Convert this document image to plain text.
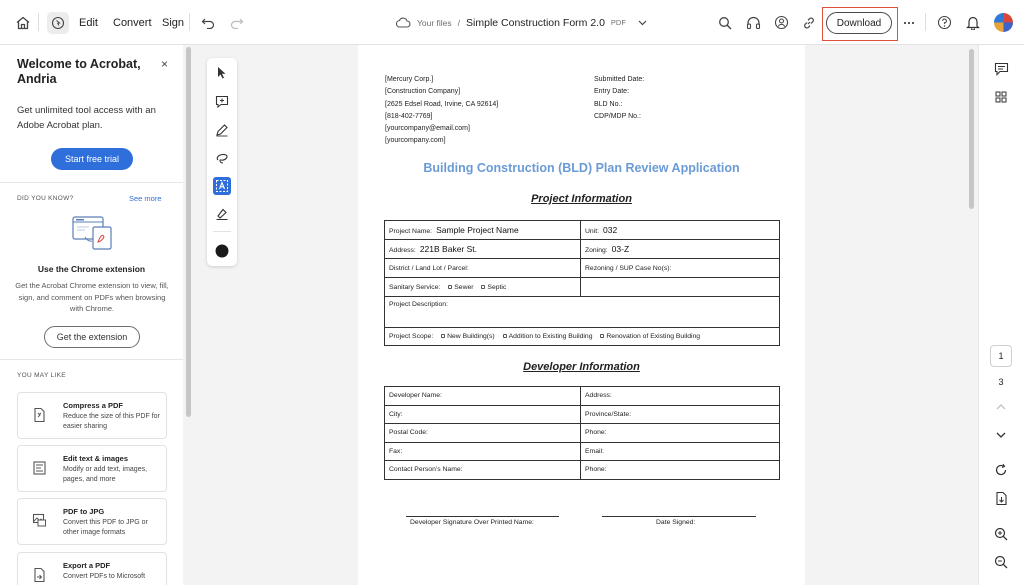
Edit Convert Sign	Your files / Simple Construction Form 2.0 PDF	Download
Welcome to Acrobat,
Andria
×
Get unlimited tool access with an Adobe Acrobat plan.
Start free trial
DID YOU KNOW?	See more
Use the Chrome extension
Get the Acrobat Chrome extension to view, fill, sign, and comment on PDFs when browsing with Chrome.
Get the extension
YOU MAY LIKE
Compress a PDF
Reduce the size of this PDF for easier sharing
Edit text & images
Modify or add text, images, pages, and more
PDF to JPG
Convert this PDF to JPG or other image formats
Export a PDF
Convert PDFs to Microsoft
[Mercury Corp.]
[Construction Company]
[2625 Edsel Road, Irvine, CA 92614]
[818-402-7769]
[yourcompany@email.com]
[yourcompany.com]
Submitted Date:
Entry Date:
BLD No.:
CDP/MDP No.:
Building Construction (BLD) Plan Review Application
Project Information
Project Name: Sample Project Name	Unit: 032
Address: 221B Baker St.	Zoning: 03-Z
District / Land Lot / Parcel:	Rezoning / SUP Case No(s):
Sanitary Service: Sewer Septic	
Project Description:	
Project Scope: New Building(s) Addition to Existing Building Renovation of Existing Building	
Developer Information
Developer Name:	Address:
City:	Province/State:
Postal Code:	Phone:
Fax:	Email:
Contact Person’s Name:	Phone:
Developer Signature Over Printed Name:	Date Signed:
1
3
